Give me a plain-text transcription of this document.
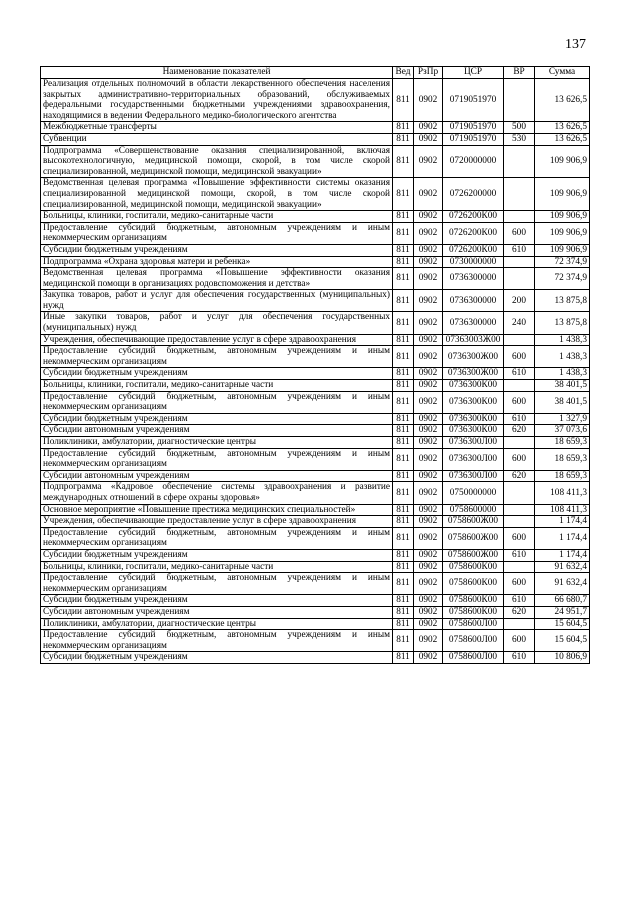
137
Наименование показателей	Вед	РзПр	ЦСР	ВР	Сумма
Реализация отдельных полномочий в области лекарственного обеспечения населения закрытых административно-территориальных образований, обслуживаемых федеральными государственными бюджетными учреждениями здравоохранения, находящимися в ведении Федерального медико-биологического агентства	811	0902	0719051970		13 626,5
Межбюджетные трансферты	811	0902	0719051970	500	13 626,5
Субвенции	811	0902	0719051970	530	13 626,5
Подпрограмма «Совершенствование оказания специализированной, включая высокотехнологичную, медицинской помощи, скорой, в том числе скорой специализированной, медицинской помощи, медицинской эвакуации»	811	0902	0720000000		109 906,9
Ведомственная целевая программа «Повышение эффективности системы оказания специализированной медицинской помощи, скорой, в том числе скорой специализированной, медицинской помощи, медицинской эвакуации»	811	0902	0726200000		109 906,9
Больницы, клиники, госпитали, медико-санитарные части	811	0902	0726200К00		109 906,9
Предоставление субсидий бюджетным, автономным учреждениям и иным некоммерческим организациям	811	0902	0726200К00	600	109 906,9
Субсидии бюджетным учреждениям	811	0902	0726200К00	610	109 906,9
Подпрограмма «Охрана здоровья матери и ребенка»	811	0902	0730000000		72 374,9
Ведомственная целевая программа «Повышение эффективности оказания медицинской помощи в организациях родовспоможения и детства»	811	0902	0736300000		72 374,9
Закупка товаров, работ и услуг для обеспечения государственных (муниципальных) нужд	811	0902	0736300000	200	13 875,8
Иные закупки товаров, работ и услуг для обеспечения государственных (муниципальных) нужд	811	0902	0736300000	240	13 875,8
Учреждения, обеспечивающие предоставление услуг в сфере здравоохранения	811	0902	07363003Ж00		1 438,3
Предоставление субсидий бюджетным, автономным учреждениям и иным некоммерческим организациям	811	0902	0736300Ж00	600	1 438,3
Субсидии бюджетным учреждениям	811	0902	0736300Ж00	610	1 438,3
Больницы, клиники, госпитали, медико-санитарные части	811	0902	0736300К00		38 401,5
Предоставление субсидий бюджетным, автономным учреждениям и иным некоммерческим организациям	811	0902	0736300К00	600	38 401,5
Субсидии бюджетным учреждениям	811	0902	0736300К00	610	1 327,9
Субсидии автономным учреждениям	811	0902	0736300К00	620	37 073,6
Поликлиники, амбулатории, диагностические центры	811	0902	0736300Л00		18 659,3
Предоставление субсидий бюджетным, автономным учреждениям и иным некоммерческим организациям	811	0902	0736300Л00	600	18 659,3
Субсидии автономным учреждениям	811	0902	0736300Л00	620	18 659,3
Подпрограмма «Кадровое обеспечение системы здравоохранения и развитие международных отношений в сфере охраны здоровья»	811	0902	0750000000		108 411,3
Основное мероприятие «Повышение престижа медицинских специальностей»	811	0902	0758600000		108 411,3
Учреждения, обеспечивающие предоставление услуг в сфере здравоохранения	811	0902	0758600Ж00		1 174,4
Предоставление субсидий бюджетным, автономным учреждениям и иным некоммерческим организациям	811	0902	0758600Ж00	600	1 174,4
Субсидии бюджетным учреждениям	811	0902	0758600Ж00	610	1 174,4
Больницы, клиники, госпитали, медико-санитарные части	811	0902	0758600К00		91 632,4
Предоставление субсидий бюджетным, автономным учреждениям и иным некоммерческим организациям	811	0902	0758600К00	600	91 632,4
Субсидии бюджетным учреждениям	811	0902	0758600К00	610	66 680,7
Субсидии автономным учреждениям	811	0902	0758600К00	620	24 951,7
Поликлиники, амбулатории, диагностические центры	811	0902	0758600Л00		15 604,5
Предоставление субсидий бюджетным, автономным учреждениям и иным некоммерческим организациям	811	0902	0758600Л00	600	15 604,5
Субсидии бюджетным учреждениям	811	0902	0758600Л00	610	10 806,9
